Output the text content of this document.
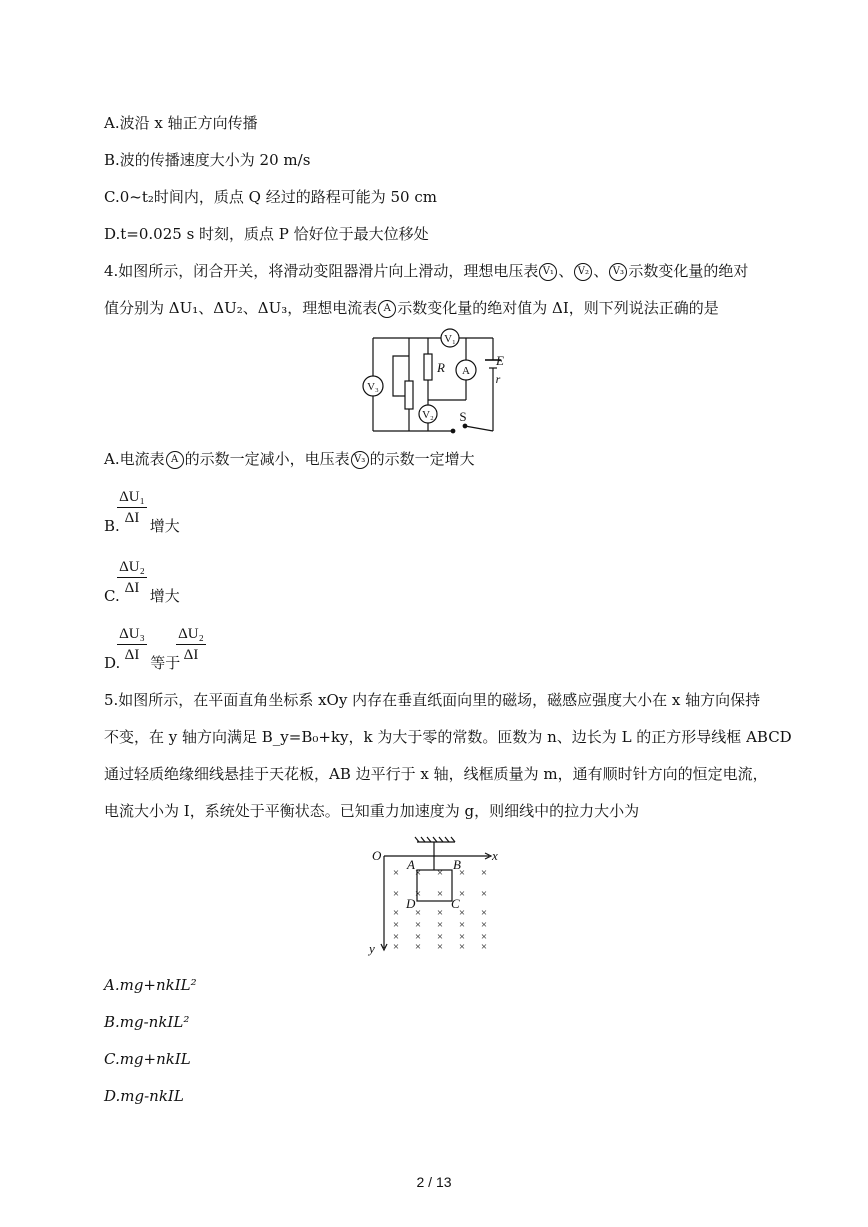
A.波沿 x 轴正方向传播
B.波的传播速度大小为 20 m/s
C.0~t₂时间内，质点 Q 经过的路程可能为 50 cm
D.t=0.025 s 时刻，质点 P 恰好位于最大位移处
4.如图所示，闭合开关，将滑动变阻器滑片向上滑动，理想电压表 V₁ 、 V₂ 、 V₃ 示数变化量的绝对
值分别为 ΔU₁、ΔU₂、ΔU₃，理想电流表 A 示数变化量的绝对值为 ΔI，则下列说法正确的是
V₃
V₁
A
V₂
R	E
r
S
A.电流表 A 的示数一定减小，电压表 V₃ 的示数一定增大
ΔU₁
ΔI
B. 增大
ΔU₂
ΔI
C. 增大
ΔU₃
ΔI
ΔU₂
ΔI
D. 等于
5.如图所示，在平面直角坐标系 xOy 内存在垂直纸面向里的磁场，磁感应强度大小在 x 轴方向保持
不变，在 y 轴方向满足 B_y=B₀+ky，k 为大于零的常数。匝数为 n、边长为 L 的正方形导线框 ABCD
通过轻质绝缘细线悬挂于天花板，AB 边平行于 x 轴，线框质量为 m，通有顺时针方向的恒定电流，
电流大小为 I，系统处于平衡状态。已知重力加速度为 g，则细线中的拉力大小为
× × × × ×
× × × × ×
× × × × ×
× × × × ×
× × × × ×
× × × × ×
O	x
y
A	B
C
D
A.mg+nkIL²
B.mg-nkIL²
C.mg+nkIL
D.mg-nkIL
2 / 13
